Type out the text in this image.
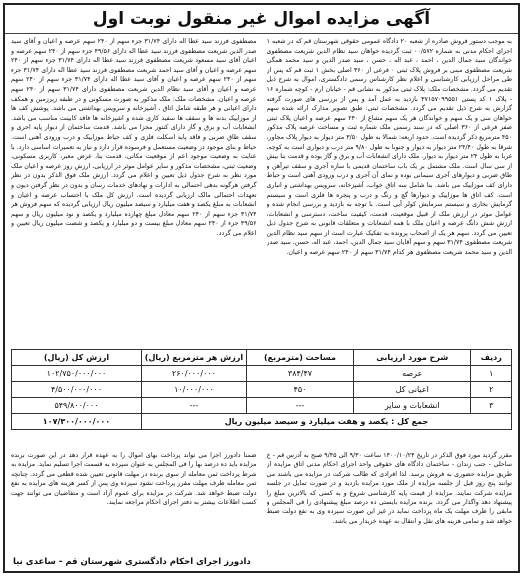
آگهی مزایده اموال غیر منقول نوبت اول
به موجب دستور فروش صادره از شعبه ۲۰ دادگاه عمومی حقوقی شهرستان قم که در شعبه ۱ اجرای احکام مدنی به شماره ۰۰/۵۷۲ ثبت گردیده خواهان سید نظام الدین شریعت مصطفوی خواندگان سید جمال الدین ، احمد ، عبد اله ، حسن ، سید صدر الدین و سید محمد همگی شریعت مصطفوی مبنی بر فروش پلاک ثبتی ۰ فرعی از ۳۶۰ اصلی بخش ۱ ثبت قم که پس از طی مراحل ارزیابی کارشناسی و اعلام نظر کارشناس رسمی دادگستری، اموال به شرح ذیل تقدیم می گردد. مشخصات ملک: پلاک ثبتی مذکور به نشانی قم - خیابان ارم - کوچه شماره ۱۶ - پلاک ۱ کد پستی ۳۷۱۵۷۰۹۹۵۵۱ بازدید به عمل آمد و پس از بررسی های صورت گرفته گزارش به شرح ذیل تقدیم می گردد. مشخصات ثبتی: طبق تصویر مدارک ارائه شده سهم خواهان سی و یک سهم و خواندگان هر یک سهم مشاع از ۲۴۰ سهم عرصه و اعیان پلاک ثبتی صفر فرعی از ۳۶۰ اصلی که در سند رسمی ملک شماره ثبت و مساحت عرصه پلاک مذکور ۴۵۰ مترمربع ذکر گردیده است. حدود اربعه: شمالا به طول ۳/۵۰ متر دیوار به دیوار پلاک مجاور، شرقا به طول ۲۴/۴۰ متر دیوار به دیوار و جنوبا به طول ۹/۸۰ متر درب و دیواری است به کوچه، غربا به طول ۲۴ متر دیوار به دیوار. ملک دارای انشعابات آب و برق و گاز بوده و قدمت بنا بیش از سی سال است. ملک مشتمل بر یک باب ساختمان قدیمی با سازه آجری و سقف تیرآهن و طاق ضربی و دیوارهای آجری سیمانی بوده و نمای آن آجری و درب ورودی آهنی است و حیاط دارای کف موزاییک می باشد. بنا شامل سه اتاق خواب، آشپزخانه، سرویس بهداشتی و انباری است. کف اتاق ها موزاییک و دیوارها گچ و رنگ و درب و پنجره ها فلزی است و سیستم گرمایش بخاری و سیستم سرمایش کولر آبی است. با توجه به بازدید و بررسی انجام شده و عوامل موثر در ارزش ملک از قبیل موقعیت، قدمت، کیفیت ساخت، دسترسی و انشعابات، ارزش شش دانگ عرصه و اعیان ملک با همه انشعابات و متعلقات قانونی به شرح جدول ذیل تعیین می گردد. سهم هر یک از اصحاب پرونده به تفکیک عبارت است از سهم سید نظام الدین شریعت مصطفوی ۳۱/۷۴ سهم و سهم آقایان سید جمال الدین، احمد، عبد اله، حسن، سید صدر الدین و سید محمد شریعت مصطفوی هر کدام ۳۱/۷۴ سهم از ۲۴۰ سهم عرصه و اعیان.
مصطفوی فرزند سید عطا اله دارای ۳۱/۷۴ جزء سهم از ۲۴۰ سهم عرصه و اعیان و آقای سید صدر الدین شریعت مصطفوی فرزند سید عطا اله دارای ۴۹/۵۶ جزء سهم از ۲۴۰ سهم عرصه و اعیان آقای سید مسعود شریعت مصطفوی فرزند سید عطا اله دارای ۳۱/۷۴ جزء سهم از ۲۴۰ سهم عرصه و اعیان و آقای سید احمد شریعت مصطفوی فرزند سید عطا اله دارای ۳۱/۷۴ جزء سهم از ۲۴۰ سهم عرصه و اعیان و آقای سید عطا اله دارای ۳۱/۷۴ جزء سهم از ۲۴۰ سهم عرصه و اعیان و آقای سید نظام الدین شریعت مصطفوی دارای ۳۱/۷۴ سهم از ۲۴۰ سهم عرصه و اعیان. مشخصات ملک: ملک مذکور به صورت مسکونی و در طبقه زیرزمین و همکف دارای اعیانی و هر طبقه شامل اتاق ، آشپزخانه و سرویس بهداشتی می باشد. پوشش کف ها از موزاییک بدنه ها و سقف ها سفید کاری شده و اشپزخانه ها فاقد کابینت مناسب می باشد. انشعابات آب و برق و گاز دارای کنتور مجزا می باشد. قدمت ساختمان از دیوار پایه اجری و سقف طاق ضربی و فاقد پایه اسکلت فلزی و کف حیاط موزاییک و درب ورودی آهنی است. حیاط و بنای موجود در وضعیت مستعمل و فرسوده قرار دارد و نیاز به تعمیرات اساسی دارد. با عنایت به وضعیت موجود اعم از موقعیت مکانی، قدمت بنا، عرض معبر، کاربری مسکونی، وضعیت ثبتی، مشخصات مذکور و سایر عوامل موثر در ارزیابی، ارزش روز عرصه و اعیان ملک مورد نظر به شرح جدول ذیل تعیین و اعلام می گردد. ارزش ملک فوق الذکر بدون در نظر گرفتن هرگونه بدهی احتمالی به ادارات و نهادهای خدمات رسان و بدون در نظر گرفتن دیون و تعهدات احتمالی مالک ارزیابی گردیده است. ارزش کل ملک با احتساب عرصه و اعیان و انشعابات به مبلغ یکصد و هفت میلیارد و سیصد میلیون ریال ارزیابی گردیده که سهم فروش هر ۳۱/۷۴ جزء سهم از ۲۴۰ سهم معادل مبلغ چهارده میلیارد و یکصد و نود میلیون ریال و سهم ۴۹/۵۶ جزء از ۲۴۰ سهم معادل مبلغ بیست و دو میلیارد و یکصد و شصت میلیون ریال تعیین و اعلام می گردد.
ردیف	شرح مورد ارزیابی	مساحت (مترمربع)	ارزش هر مترمربع (ریال)	ارزش کل (ریال)
۱	عرصه	۳۸۴/۴۷	۲۶۰/۰۰۰/۰۰۰	۱۰۲/۷۵۰/۰۰۰/۰۰۰
۲	اعیانی کل	۴۵۰	۱۰/۰۰۰/۰۰۰	۴/۵۰۰/۰۰۰/۰۰۰
۳	انشعابات و سایر	---	---	۵۴۹/۸۰۰/۰۰۰
جمع کل : یکصد و هفت میلیارد و سیصد میلیون ریال				۱۰۷/۳۰۰/۰۰۰/۰۰۰
مقرر گردید مورد فوق الذکر در تاریخ ۱۴۰۰/۱۰/۲۴ ساعت ۹/۳۰ الی ۹/۴۵ صبح به آدرس قم - خ ساحلی - جنب زندان - ساختمان دادگاه های حقوقی واحد اجرای احکام مدنی اتاق مزایده از طریق مزایده حضوری به فروش برسد. لذا افرادی که طالب شرکت در مزایده می باشند می توانند پنج روز قبل از جلسه مزایده از ملک مورد مزایده بازدید و در صورت تمایل در جلسه مزایده شرکت نمایند. مزایده از قیمت پایه کارشناسی شروع و به کسی که بالاترین مبلغ را پیشنهاد دهد واگذار می گردد. برنده مزایده بایستی ده درصد مبلغ پیشنهادی را فی المجلس و مابقی را ظرف مهلت یک ماه پرداخت نماید در غیر این صورت سپرده وی به نفع دولت ضبط خواهد شد و تمامی هزینه های نقل و انتقال به عهده خریدار می باشد.
ضمنا دادورز اجرا می تواند پرداخت بهای اموال را به عهده قرار دهد در این صورت برنده مزایده باید ده درصد بها را فی المجلس به عنوان سپرده به قسمت اجرا تسلیم نماید. مزایده به شرط پرداخت ثمن معامله از سوی برنده در مهلت قانونی تعیین شده قطعی می گردد. چنانچه ثمن معامله ظرف مهلت مقرر پرداخت نشود سپرده وی پس از کسر هزینه های مزایده به نفع دولت ضبط خواهد شد. شرکت در مزایده برای عموم آزاد است و متقاضیان می توانند جهت کسب اطلاعات بیشتر به دفتر اجرای احکام مراجعه نمایند.
دادورز اجرای احکام دادگستری شهرستان قم - ساعدی نیا
